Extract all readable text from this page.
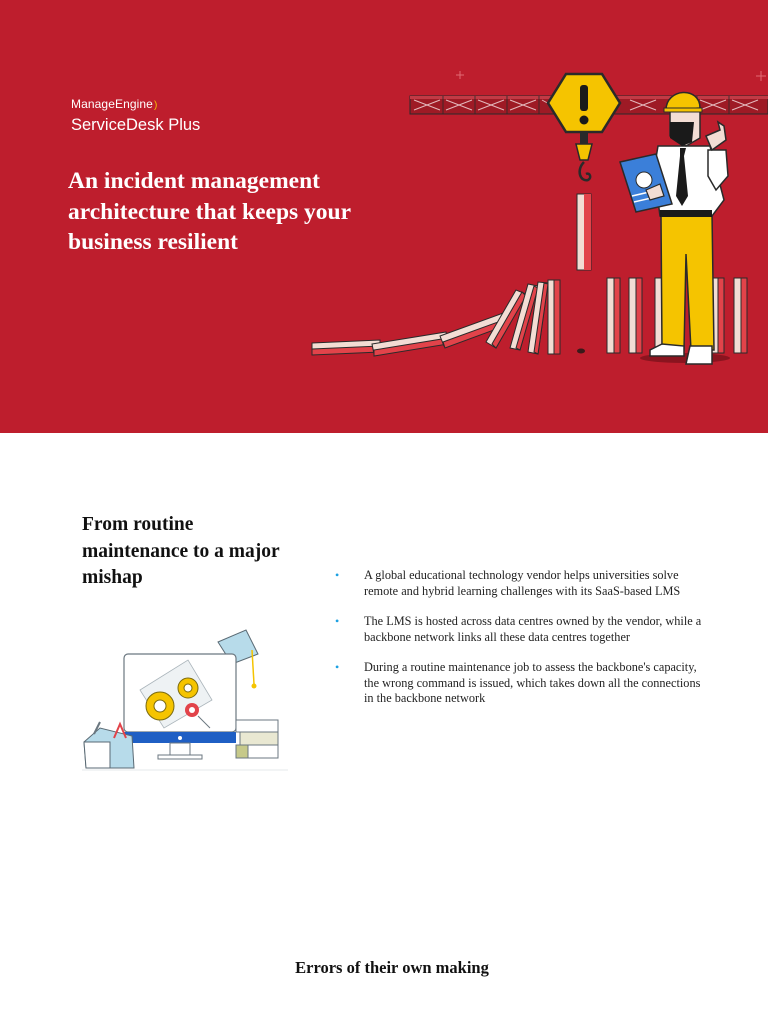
ManageEngine)
ServiceDesk Plus
An incident management architecture that keeps your business resilient
From routine maintenance to a major mishap	• A global educational technology vendor helps universities solve remote and hybrid learning challenges with its SaaS-based LMS
• The LMS is hosted across data centres owned by the vendor, while a backbone network links all these data centres together
• During a routine maintenance job to assess the backbone's capacity, the wrong command is issued, which takes down all the connections in the backbone network
Errors of their own making
